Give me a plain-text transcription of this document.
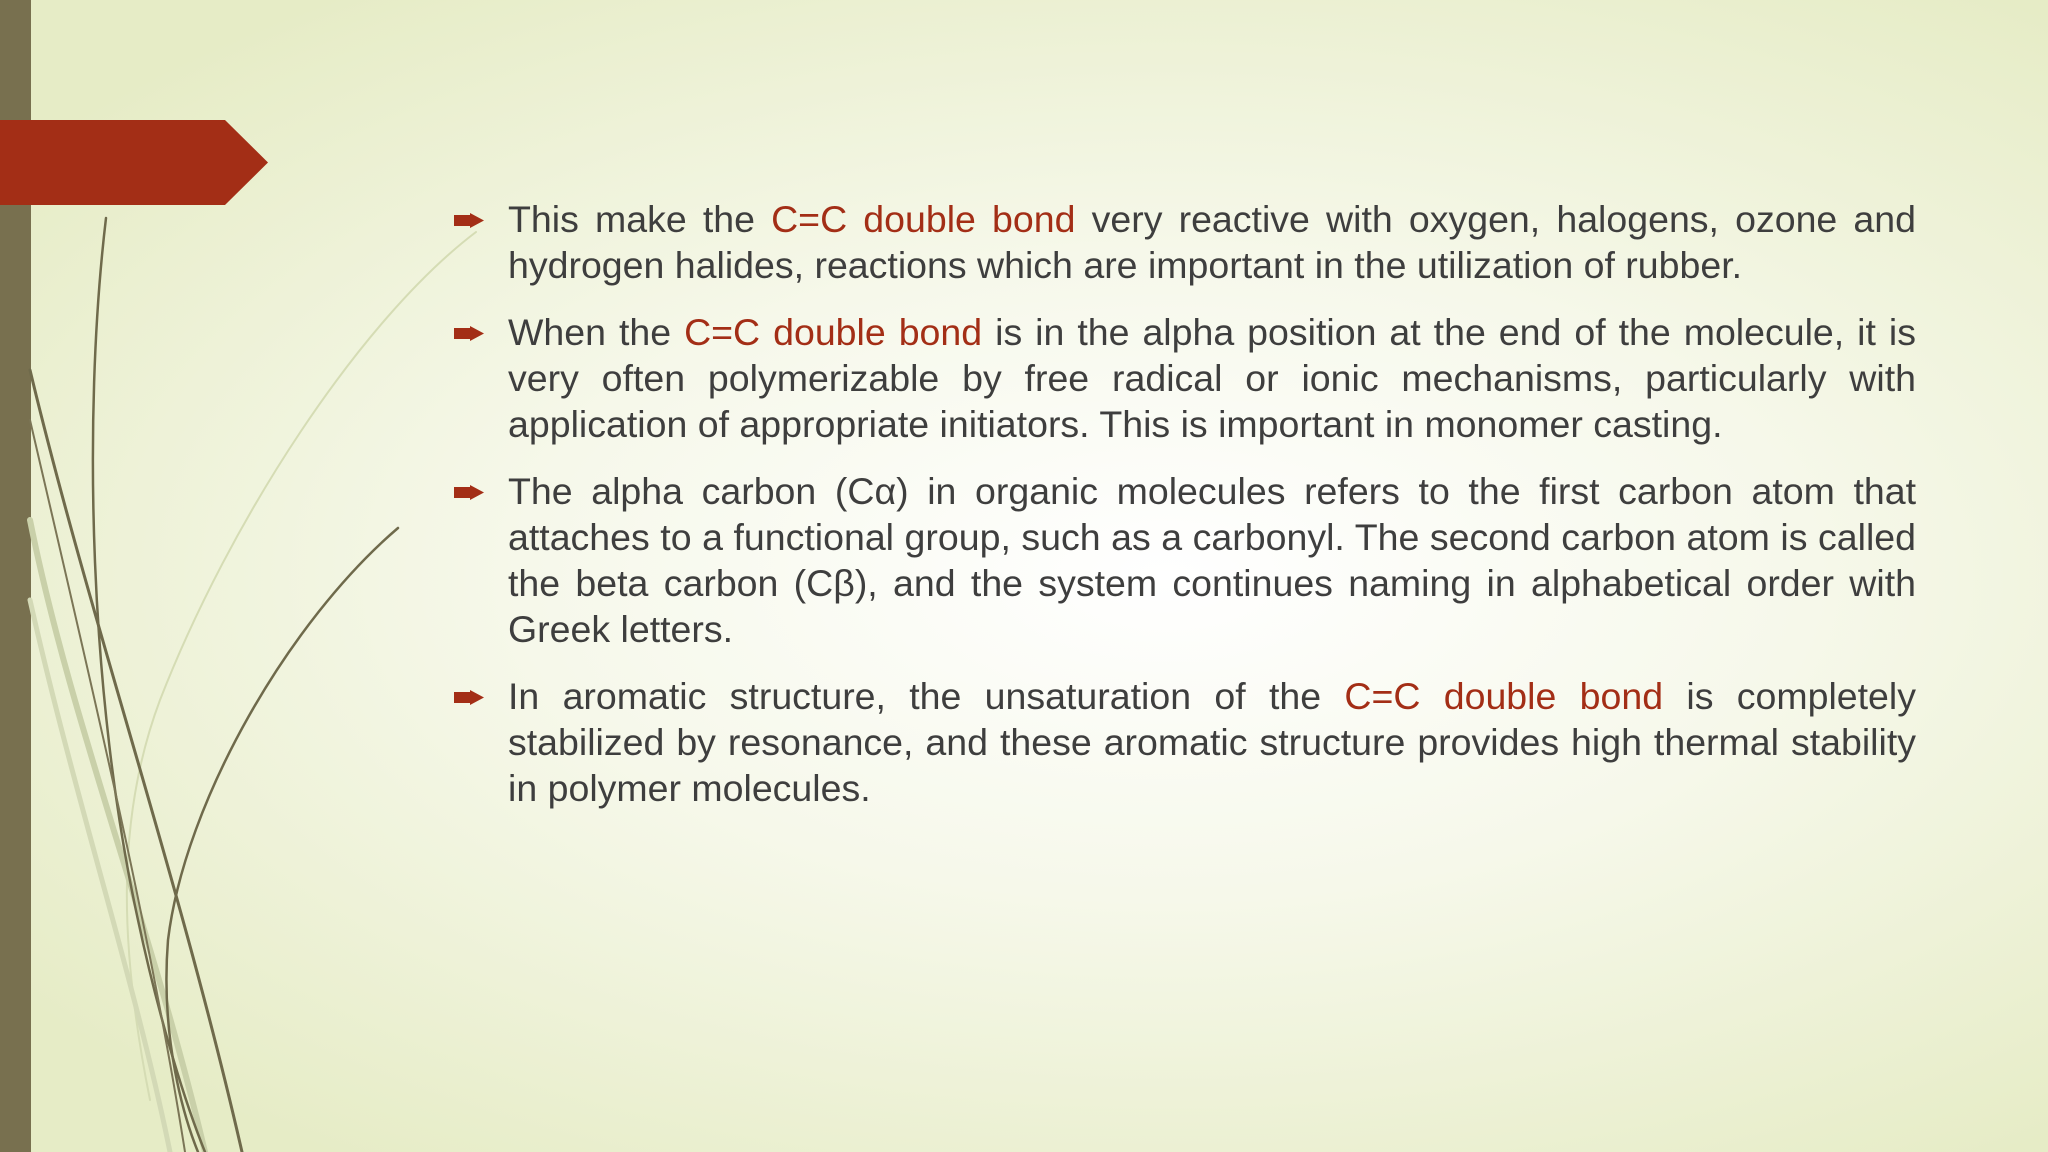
This make the C=C double bond very reactive with oxygen, halogens, ozone and hydrogen halides, reactions which are important in the utilization of rubber.

When the C=C double bond is in the alpha position at the end of the molecule, it is very often polymerizable by free radical or ionic mechanisms, particularly with application of appropriate initiators. This is important in monomer casting.

The alpha carbon (Cα) in organic molecules refers to the first carbon atom that attaches to a functional group, such as a carbonyl. The second carbon atom is called the beta carbon (Cβ), and the system continues naming in alphabetical order with Greek letters.

In aromatic structure, the unsaturation of the C=C double bond is completely stabilized by resonance, and these aromatic structure provides high thermal stability in polymer molecules.
